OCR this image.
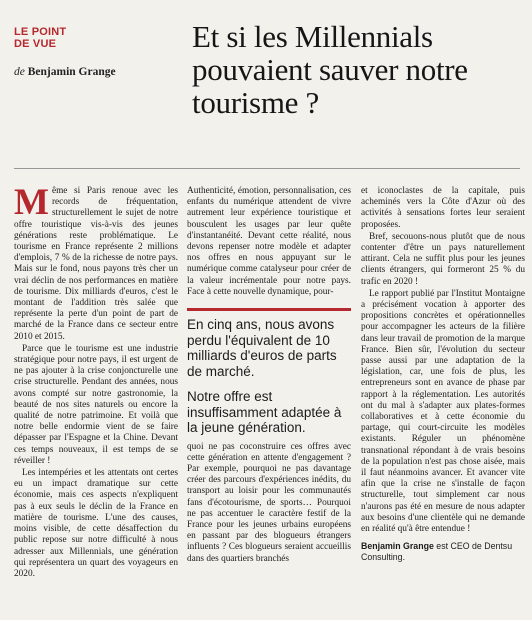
LE POINT
DE VUE
de Benjamin Grange
Et si les Millennials pouvaient sauver notre tourisme ?

Même si Paris renoue avec les records de fréquentation, structurellement le sujet de notre offre touristique vis-à-vis des jeunes générations reste problématique. Le tourisme en France représente 2 millions d'emplois, 7 % de la richesse de notre pays. Mais sur le fond, nous payons très cher un vrai déclin de nos performances en matière de tourisme. Dix milliards d'euros, c'est le montant de l'addition très salée que représente la perte d'un point de part de marché de la France dans ce secteur entre 2010 et 2015.

Parce que le tourisme est une industrie stratégique pour notre pays, il est urgent de ne pas ajouter à la crise conjoncturelle une crise structurelle. Pendant des années, nous avons compté sur notre gastronomie, la beauté de nos sites naturels ou encore la qualité de notre patrimoine. Et voilà que notre belle endormie vient de se faire dépasser par l'Espagne et la Chine. Devant ces temps nouveaux, il est temps de se réveiller !

Les intempéries et les attentats ont certes eu un impact dramatique sur cette économie, mais ces aspects n'expliquent pas à eux seuls le déclin de la France en matière de tourisme. L'une des causes, moins visible, de cette désaffection du public repose sur notre difficulté à nous adresser aux Millennials, une génération qui représentera un quart des voyageurs en 2020.

Authenticité, émotion, personnalisation, ces enfants du numérique attendent de vivre autrement leur expérience touristique et bousculent les usages par leur quête d'instantanéité. Devant cette réalité, nous devons repenser notre modèle et adapter nos offres en nous appuyant sur le numérique comme catalyseur pour créer de la valeur incrémentale pour notre pays. Face à cette nouvelle dynamique, pour-

En cinq ans, nous avons perdu l'équivalent de 10 milliards d'euros de parts de marché.
Notre offre est insuffisamment adaptée à la jeune génération.

quoi ne pas coconstruire ces offres avec cette génération en attente d'engagement ? Par exemple, pourquoi ne pas davantage créer des parcours d'expériences inédits, du transport au loisir pour les communautés fans d'écotourisme, de sports… Pourquoi ne pas accentuer le caractère festif de la France pour les jeunes urbains européens en passant par des blogueurs étrangers influents ? Ces blogueurs seraient accueillis dans des quartiers branchés

et iconoclastes de la capitale, puis acheminés vers la Côte d'Azur où des activités à sensations fortes leur seraient proposées.

Bref, secouons-nous plutôt que de nous contenter d'être un pays naturellement attirant. Cela ne suffit plus pour les jeunes clients étrangers, qui formeront 25 % du trafic en 2020 !

Le rapport publié par l'Institut Montaigne a précisément vocation à apporter des propositions concrètes et opérationnelles pour accompagner les acteurs de la filière dans leur travail de promotion de la marque France. Bien sûr, l'évolution du secteur passe aussi par une adaptation de la législation, car, une fois de plus, les entrepreneurs sont en avance de phase par rapport à la réglementation. Les autorités ont du mal à s'adapter aux plates-formes collaboratives et à cette économie du partage, qui court-circuite les modèles existants. Réguler un phénomène transnational répondant à de vrais besoins de la population n'est pas chose aisée, mais il faut néanmoins avancer. Et avancer vite afin que la crise ne s'installe de façon structurelle, tout simplement car nous n'aurons pas été en mesure de nous adapter aux besoins d'une clientèle qui ne demande en réalité qu'à être entendue !

Benjamin Grange est CEO de Dentsu Consulting.
